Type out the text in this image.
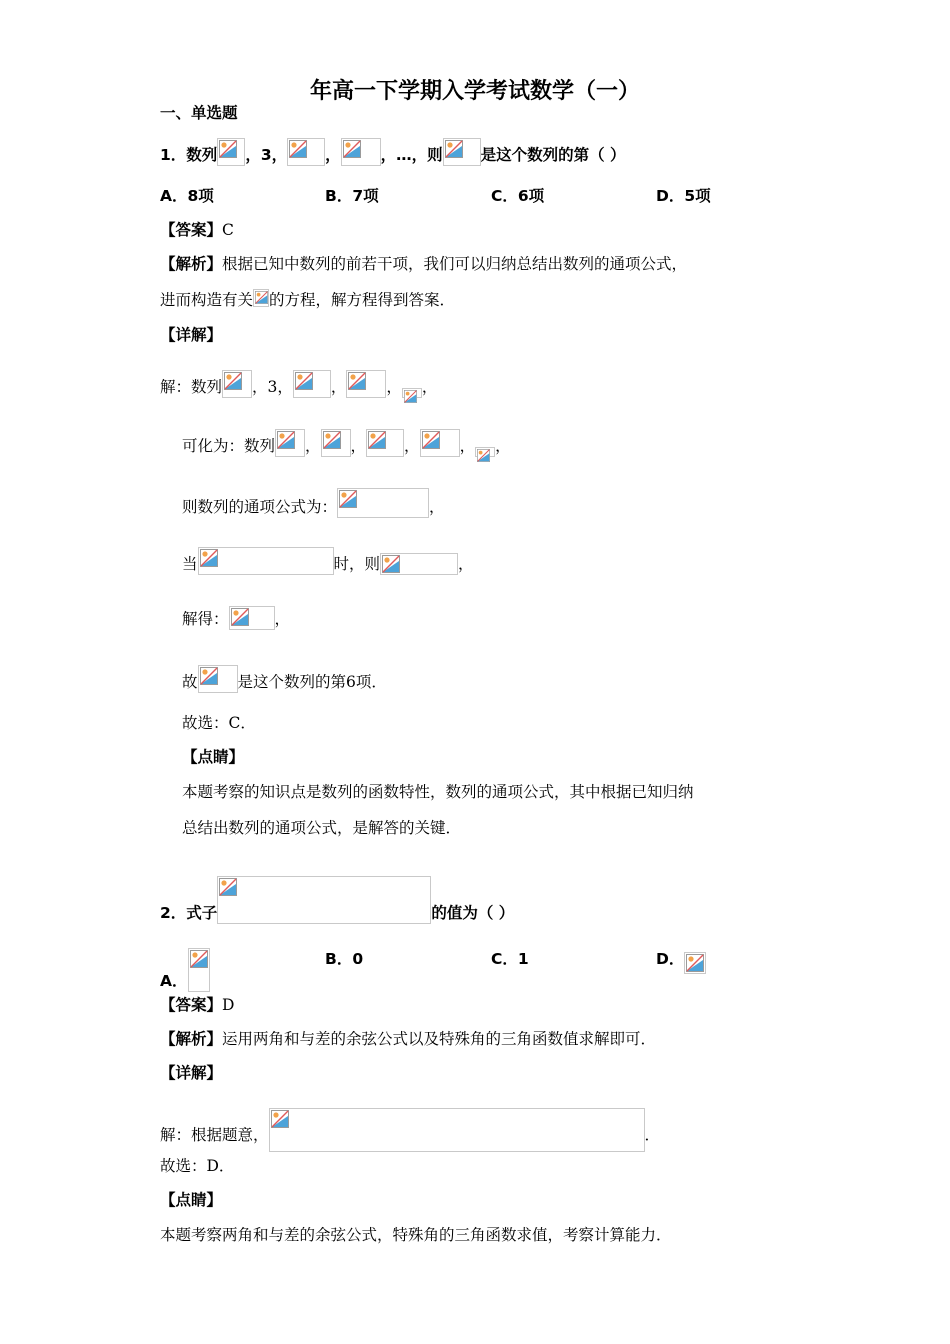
年高一下学期入学考试数学（一）
一、单选题
1．数列 ，3， ，	，…，则 是这个数列的第（ ）
A．8项	B．7项	C．6项	D．5项
【答案】C
【解析】根据已知中数列的前若干项，我们可以归纳总结出数列的通项公式，
进而构造有关 的方程，解方程得到答案．
【详解】
解：数列 ，3， ，	， ，
可化为：数列 ， ， ，	， ，
则数列的通项公式为：	，
当	时，则	，
解得：	，
故	是这个数列的第6项．
故选：C．
【点睛】
本题考察的知识点是数列的函数特性，数列的通项公式，其中根据已知归纳
总结出数列的通项公式，是解答的关键．
2．式子	的值为（ ）
A．
B．0	C．1	D．
【答案】D
【解析】运用两角和与差的余弦公式以及特殊角的三角函数值求解即可．
【详解】
解：根据题意，	．
故选：D．
【点睛】
本题考察两角和与差的余弦公式，特殊角的三角函数求值，考察计算能力．
